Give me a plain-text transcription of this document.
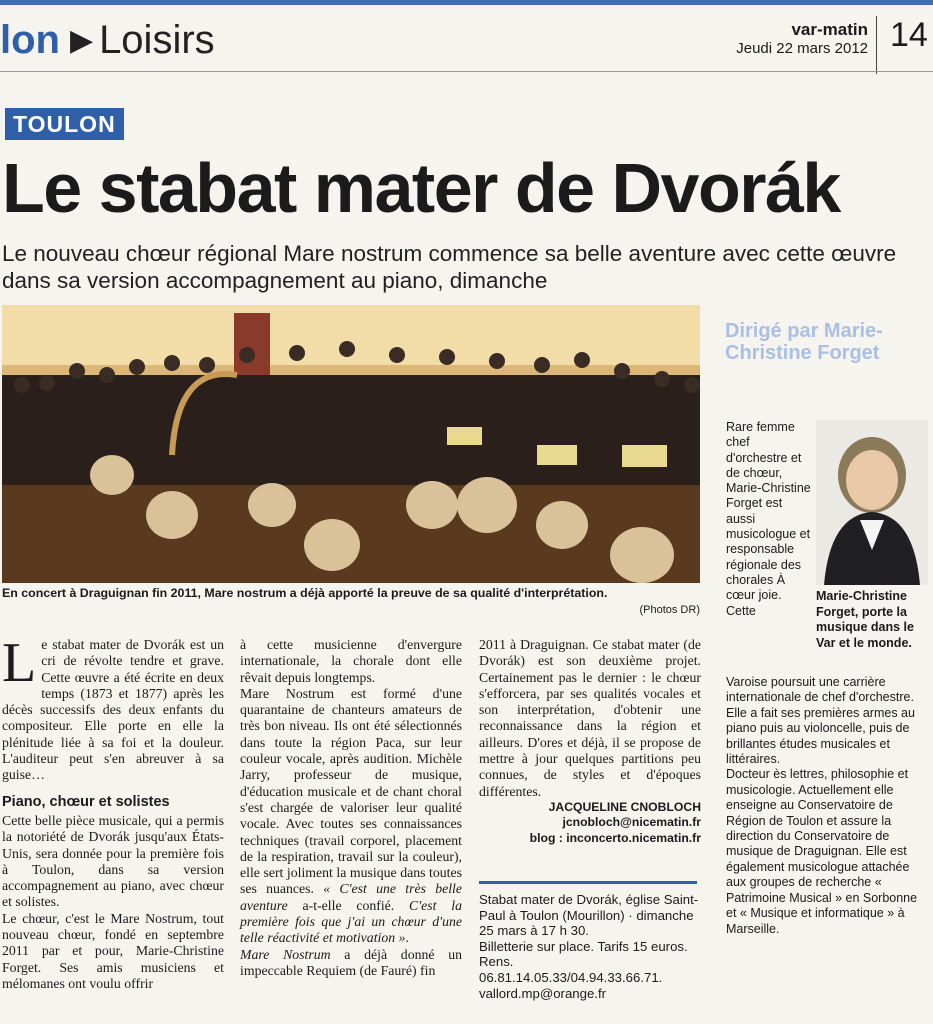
lon ▶ Loisirs	var-matin
Jeudi 22 mars 2012 14
TOULON
Le stabat mater de Dvorák
Le nouveau chœur régional Mare nostrum commence sa belle aventure avec cette œuvre dans sa version accompagnement au piano, dimanche
En concert à Draguignan fin 2011, Mare nostrum a déjà apporté la preuve de sa qualité d'interprétation.
(Photos DR)
Dirigé par Marie-Christine Forget
Rare femme chef d'orchestre et de chœur, Marie-Christine Forget est aussi musicologue et responsable régionale des chorales À cœur joie. Cette
Marie-Christine Forget, porte la musique dans le Var et le monde.

Varoise poursuit une carrière internationale de chef d'orchestre. Elle a fait ses premières armes au piano puis au violoncelle, puis de brillantes études musicales et littéraires.

Docteur ès lettres, philosophie et musicologie. Actuellement elle enseigne au Conservatoire de Région de Toulon et assure la direction du Conservatoire de musique de Draguignan. Elle est également musicologue attachée aux groupes de recherche « Patrimoine Musical » en Sorbonne et « Musique et informatique » à Marseille.

L e stabat mater de Dvorák est un cri de révolte tendre et grave. Cette œuvre a été écrite en deux temps (1873 et 1877) après les décès successifs des deux enfants du compositeur. Elle porte en elle la plénitude liée à sa foi et la douleur. L'auditeur peut s'en abreuver à sa guise…

Piano, chœur et solistes

Cette belle pièce musicale, qui a permis la notoriété de Dvorák jusqu'aux États-Unis, sera donnée pour la première fois à Toulon, dans sa version accompagnement au piano, avec chœur et solistes.

Le chœur, c'est le Mare Nostrum, tout nouveau chœur, fondé en septembre 2011 par et pour, Marie-Christine Forget. Ses amis musiciens et mélomanes ont voulu offrir

à cette musicienne d'envergure internationale, la chorale dont elle rêvait depuis longtemps.

Mare Nostrum est formé d'une quarantaine de chanteurs amateurs de très bon niveau. Ils ont été sélectionnés dans toute la région Paca, sur leur couleur vocale, après audition. Michèle Jarry, professeur de musique, d'éducation musicale et de chant choral s'est chargée de valoriser leur qualité vocale. Avec toutes ses connaissances techniques (travail corporel, placement de la respiration, travail sur la couleur), elle sert joliment la musique dans toutes ses nuances. « C'est une très belle aventure a-t-elle confié. C'est la première fois que j'ai un chœur d'une telle réactivité et motivation ».

Mare Nostrum a déjà donné un impeccable Requiem (de Fauré) fin

2011 à Draguignan. Ce stabat mater (de Dvorák) est son deuxième projet. Certainement pas le dernier : le chœur s'efforcera, par ses qualités vocales et son interprétation, d'obtenir une reconnaissance dans la région et ailleurs. D'ores et déjà, il se propose de mettre à jour quelques partitions peu connues, de styles et d'époques différentes.

JACQUELINE CNOBLOCH
jcnobloch@nicematin.fr
blog : inconcerto.nicematin.fr

Stabat mater de Dvorák, église Saint-Paul à Toulon (Mourillon) · dimanche 25 mars à 17 h 30.

Billetterie sur place. Tarifs 15 euros. Rens.

06.81.14.05.33/04.94.33.66.71.

vallord.mp@orange.fr
